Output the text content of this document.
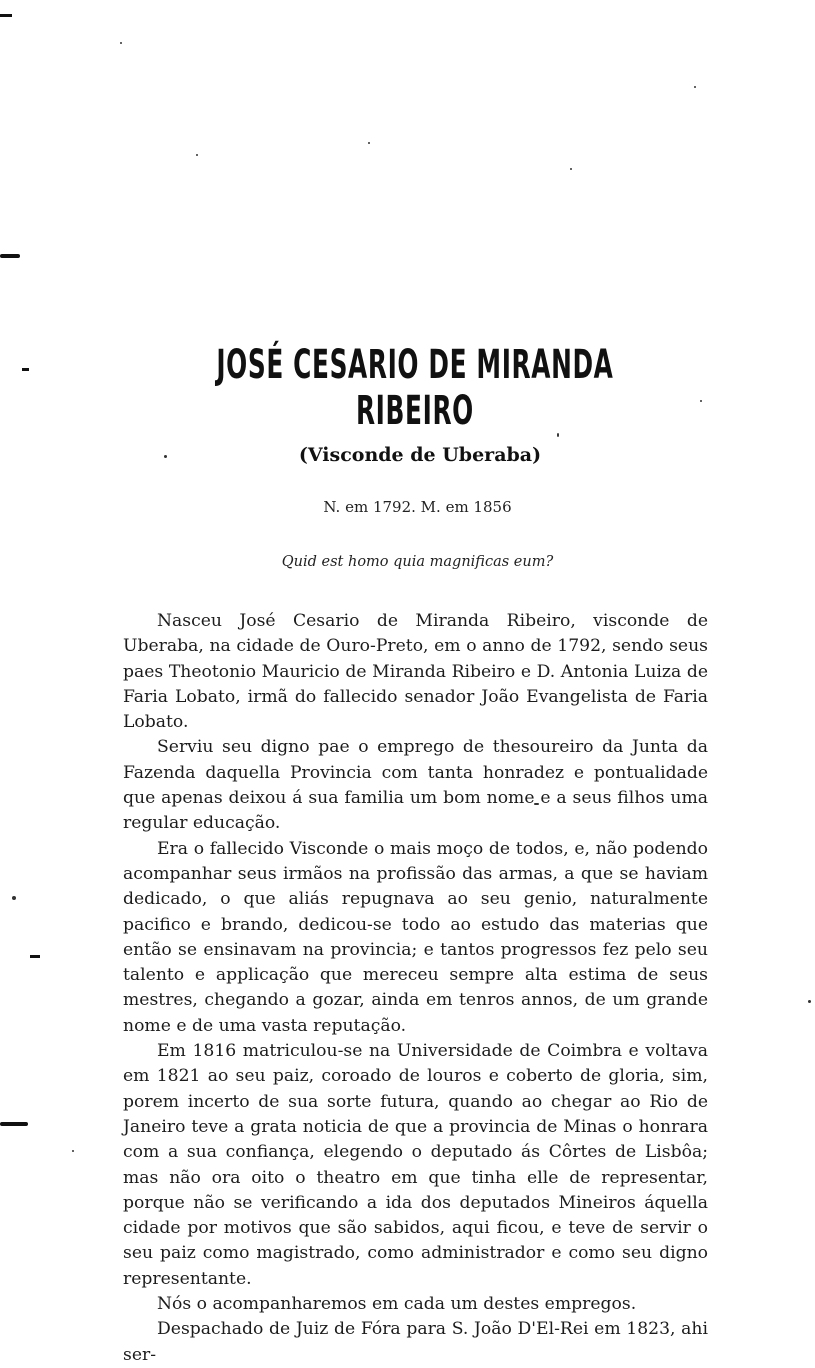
JOSÉ CESARIO DE MIRANDA RIBEIRO
(Visconde de Uberaba)
N. em 1792. M. em 1856
Quid est homo quia magnificas eum?

Nasceu José Cesario de Miranda Ribeiro, visconde de Uberaba, na cidade de Ouro-Preto, em o anno de 1792, sendo seus paes Theotonio Mauricio de Miranda Ribeiro e D. Antonia Luiza de Faria Lobato, irmã do fallecido senador João Evangelista de Faria Lobato.

Serviu seu digno pae o emprego de thesoureiro da Junta da Fazenda daquella Provincia com tanta honradez e pontualidade que apenas deixou á sua familia um bom nome e a seus filhos uma regular educação.

Era o fallecido Visconde o mais moço de todos, e, não podendo acompanhar seus irmãos na profissão das armas, a que se haviam dedicado, o que aliás repugnava ao seu genio, naturalmente pacifico e brando, dedicou-se todo ao estudo das materias que então se ensinavam na provincia; e tantos progressos fez pelo seu talento e applicação que mereceu sempre alta estima de seus mestres, chegando a gozar, ainda em tenros annos, de um grande nome e de uma vasta reputação.

Em 1816 matriculou-se na Universidade de Coimbra e voltava em 1821 ao seu paiz, coroado de louros e coberto de gloria, sim, porem incerto de sua sorte futura, quando ao chegar ao Rio de Janeiro teve a grata noticia de que a provincia de Minas o honrara com a sua confiança, elegendo o deputado ás Côrtes de Lisbôa; mas não ora oito o theatro em que tinha elle de representar, porque não se verificando a ida dos deputados Mineiros áquella cidade por motivos que são sabidos, aqui ficou, e teve de servir o seu paiz como magistrado, como administrador e como seu digno representante.

Nós o acompanharemos em cada um destes empregos.

Despachado de Juiz de Fóra para S. João D'El-Rei em 1823, ahi ser-
